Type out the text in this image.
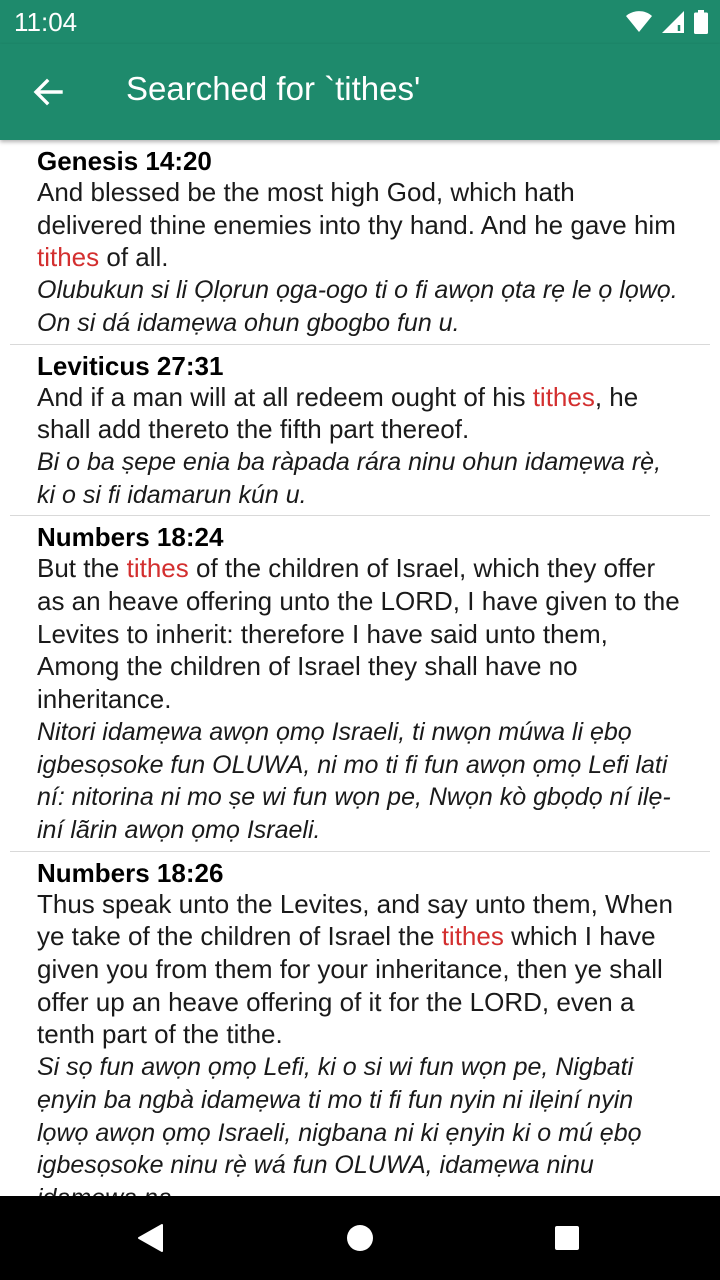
11:04
Searched for `tithes'
Genesis 14:20
And blessed be the most high God, which hath delivered thine enemies into thy hand. And he gave him tithes of all.
Olubukun si li Ọlọrun ọga-ogo ti o fi awọn ọta rẹ le ọ lọwọ. On si dá idamẹwa ohun gbogbo fun u.
Leviticus 27:31
And if a man will at all redeem ought of his tithes, he shall add thereto the fifth part thereof.
Bi o ba ṣepe enia ba ràpada rára ninu ohun idamẹwa rẹ̀, ki o si fi idamarun kún u.
Numbers 18:24
But the tithes of the children of Israel, which they offer as an heave offering unto the LORD, I have given to the Levites to inherit: therefore I have said unto them, Among the children of Israel they shall have no inheritance.
Nitori idamẹwa awọn ọmọ Israeli, ti nwọn múwa li ẹbọ igbesọsoke fun OLUWA, ni mo ti fi fun awọn ọmọ Lefi lati ní: nitorina ni mo ṣe wi fun wọn pe, Nwọn kò gbọdọ ní ilẹ-iní lãrin awọn ọmọ Israeli.
Numbers 18:26
Thus speak unto the Levites, and say unto them, When ye take of the children of Israel the tithes which I have given you from them for your inheritance, then ye shall offer up an heave offering of it for the LORD, even a tenth part of the tithe.
Si sọ fun awọn ọmọ Lefi, ki o si wi fun wọn pe, Nigbati ẹnyin ba ngbà idamẹwa ti mo ti fi fun nyin ni ilẹiní nyin lọwọ awọn ọmọ Israeli, nigbana ni ki ẹnyin ki o mú ẹbọ igbesọsoke ninu rẹ̀ wá fun OLUWA, idamẹwa ninu
